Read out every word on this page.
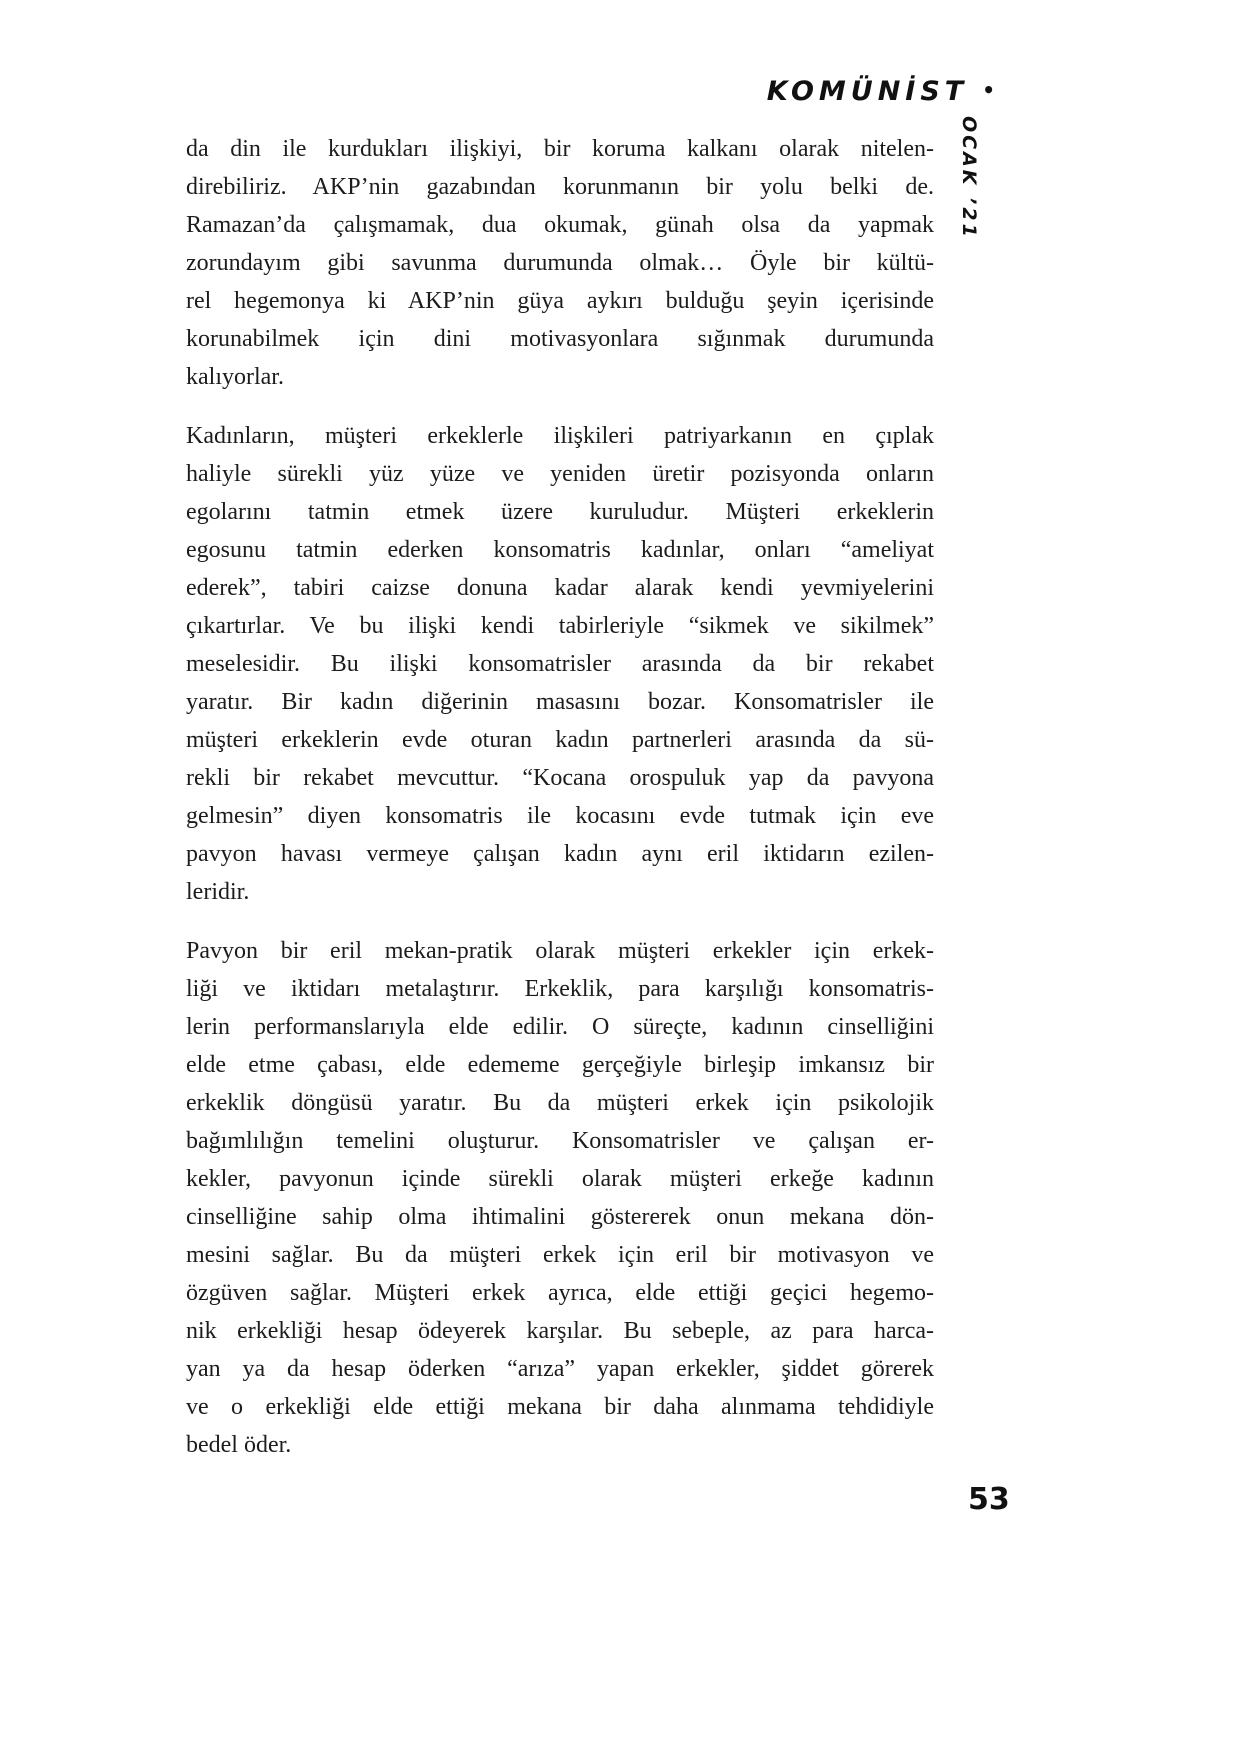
KOMÜNİST •
OCAK ’21
da din ile kurdukları ilişkiyi, bir koruma kalkanı olarak nitelen-
direbiliriz. AKP’nin gazabından korunmanın bir yolu belki de.
Ramazan’da çalışmamak, dua okumak, günah olsa da yapmak
zorundayım gibi savunma durumunda olmak… Öyle bir kültü-
rel hegemonya ki AKP’nin güya aykırı bulduğu şeyin içerisinde
korunabilmek için dini motivasyonlara sığınmak durumunda
kalıyorlar.
Kadınların, müşteri erkeklerle ilişkileri patriyarkanın en çıplak
haliyle sürekli yüz yüze ve yeniden üretir pozisyonda onların
egolarını tatmin etmek üzere kuruludur. Müşteri erkeklerin
egosunu tatmin ederken konsomatris kadınlar, onları “ameliyat
ederek”, tabiri caizse donuna kadar alarak kendi yevmiyelerini
çıkartırlar. Ve bu ilişki kendi tabirleriyle “sikmek ve sikilmek”
meselesidir. Bu ilişki konsomatrisler arasında da bir rekabet
yaratır. Bir kadın diğerinin masasını bozar. Konsomatrisler ile
müşteri erkeklerin evde oturan kadın partnerleri arasında da sü-
rekli bir rekabet mevcuttur. “Kocana orospuluk yap da pavyona
gelmesin” diyen konsomatris ile kocasını evde tutmak için eve
pavyon havası vermeye çalışan kadın aynı eril iktidarın ezilen-
leridir.
Pavyon bir eril mekan-pratik olarak müşteri erkekler için erkek-
liği ve iktidarı metalaştırır. Erkeklik, para karşılığı konsomatris-
lerin performanslarıyla elde edilir. O süreçte, kadının cinselliğini
elde etme çabası, elde edememe gerçeğiyle birleşip imkansız bir
erkeklik döngüsü yaratır. Bu da müşteri erkek için psikolojik
bağımlılığın temelini oluşturur. Konsomatrisler ve çalışan er-
kekler, pavyonun içinde sürekli olarak müşteri erkeğe kadının
cinselliğine sahip olma ihtimalini göstererek onun mekana dön-
mesini sağlar. Bu da müşteri erkek için eril bir motivasyon ve
özgüven sağlar. Müşteri erkek ayrıca, elde ettiği geçici hegemo-
nik erkekliği hesap ödeyerek karşılar. Bu sebeple, az para harca-
yan ya da hesap öderken “arıza” yapan erkekler, şiddet görerek
ve o erkekliği elde ettiği mekana bir daha alınmama tehdidiyle
bedel öder.
53
